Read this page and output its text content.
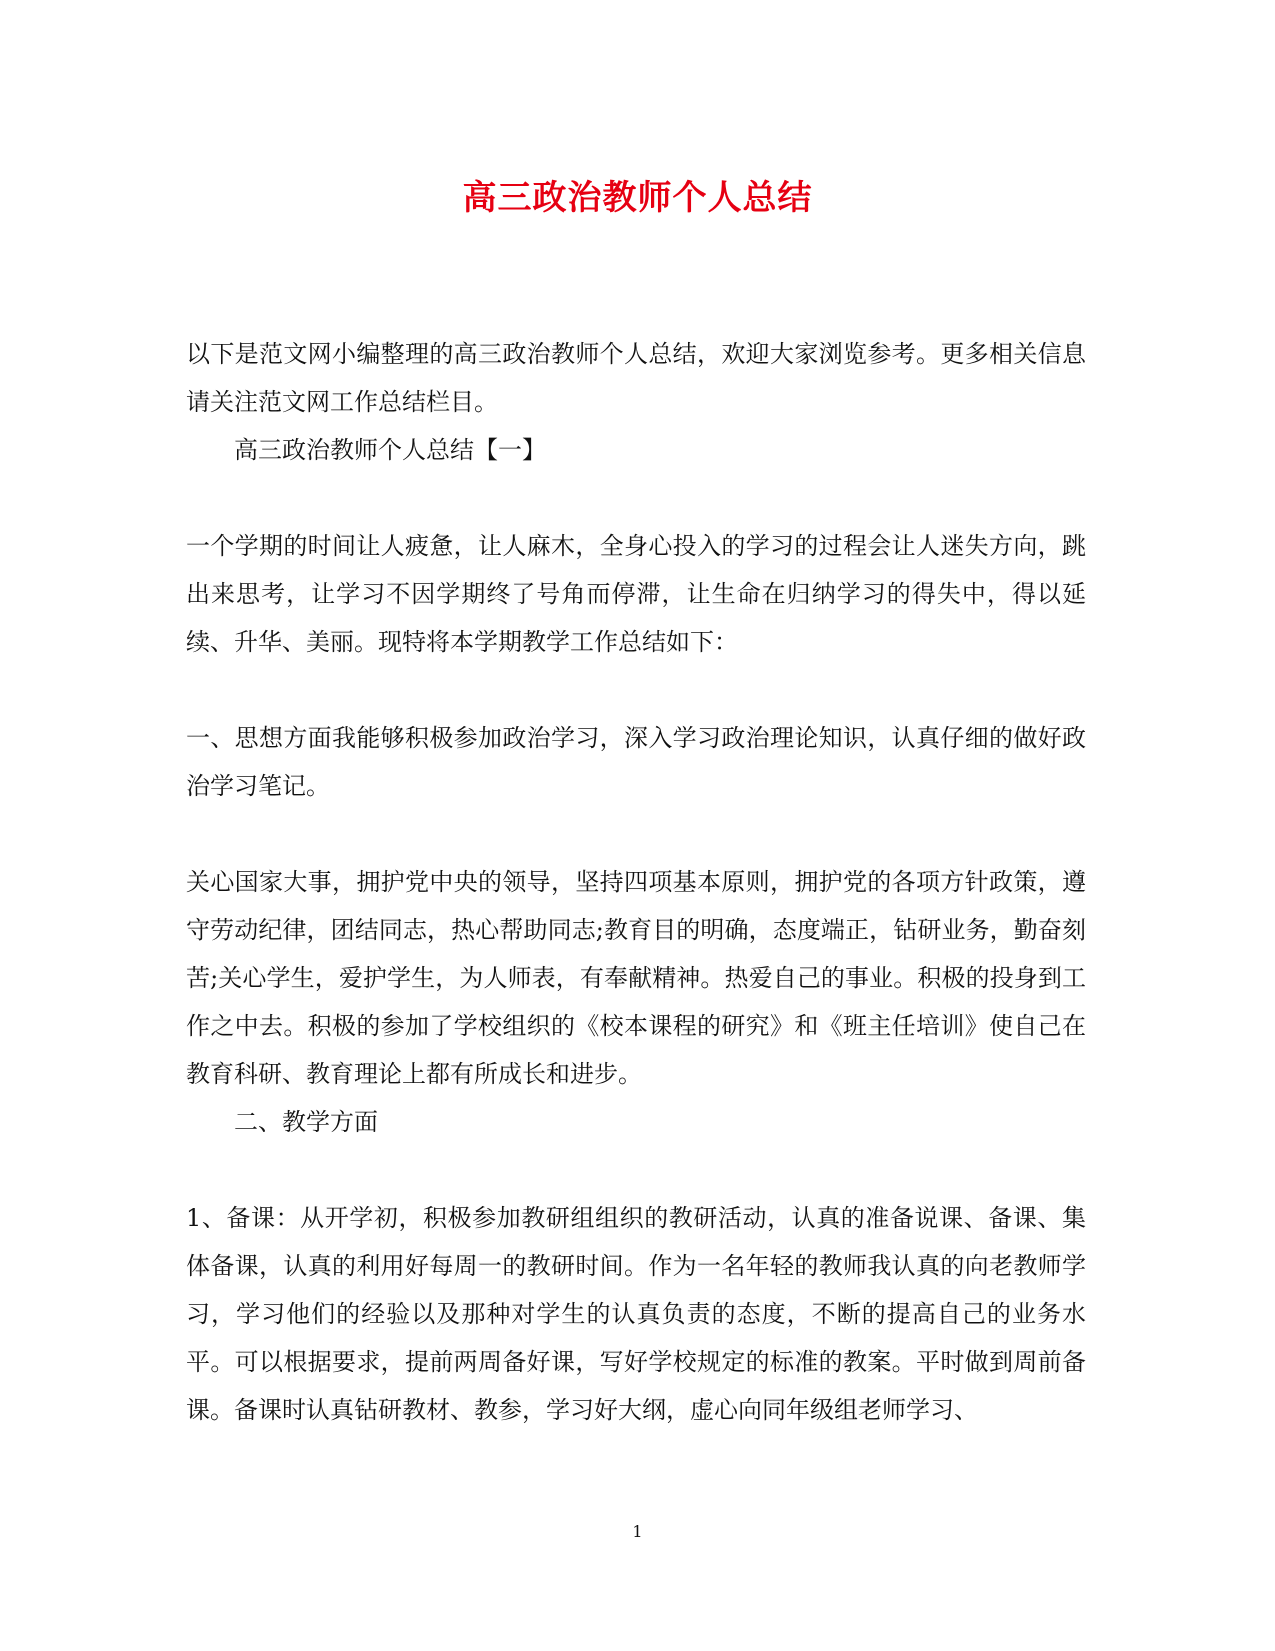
高三政治教师个人总结

以下是范文网小编整理的高三政治教师个人总结，欢迎大家浏览参考。更多相关信息请关注范文网工作总结栏目。

高三政治教师个人总结【一】

一个学期的时间让人疲惫，让人麻木，全身心投入的学习的过程会让人迷失方向，跳出来思考，让学习不因学期终了号角而停滞，让生命在归纳学习的得失中，得以延续、升华、美丽。现特将本学期教学工作总结如下：

一、思想方面我能够积极参加政治学习，深入学习政治理论知识，认真仔细的做好政治学习笔记。

关心国家大事，拥护党中央的领导，坚持四项基本原则，拥护党的各项方针政策，遵守劳动纪律，团结同志，热心帮助同志;教育目的明确，态度端正，钻研业务，勤奋刻苦;关心学生，爱护学生，为人师表，有奉献精神。热爱自己的事业。积极的投身到工作之中去。积极的参加了学校组织的《校本课程的研究》和《班主任培训》使自己在教育科研、教育理论上都有所成长和进步。

二、教学方面

1、备课：从开学初，积极参加教研组组织的教研活动，认真的准备说课、备课、集体备课，认真的利用好每周一的教研时间。作为一名年轻的教师我认真的向老教师学习，学习他们的经验以及那种对学生的认真负责的态度，不断的提高自己的业务水平。可以根据要求，提前两周备好课，写好学校规定的标准的教案。平时做到周前备课。备课时认真钻研教材、教参，学习好大纲，虚心向同年级组老师学习、

1
